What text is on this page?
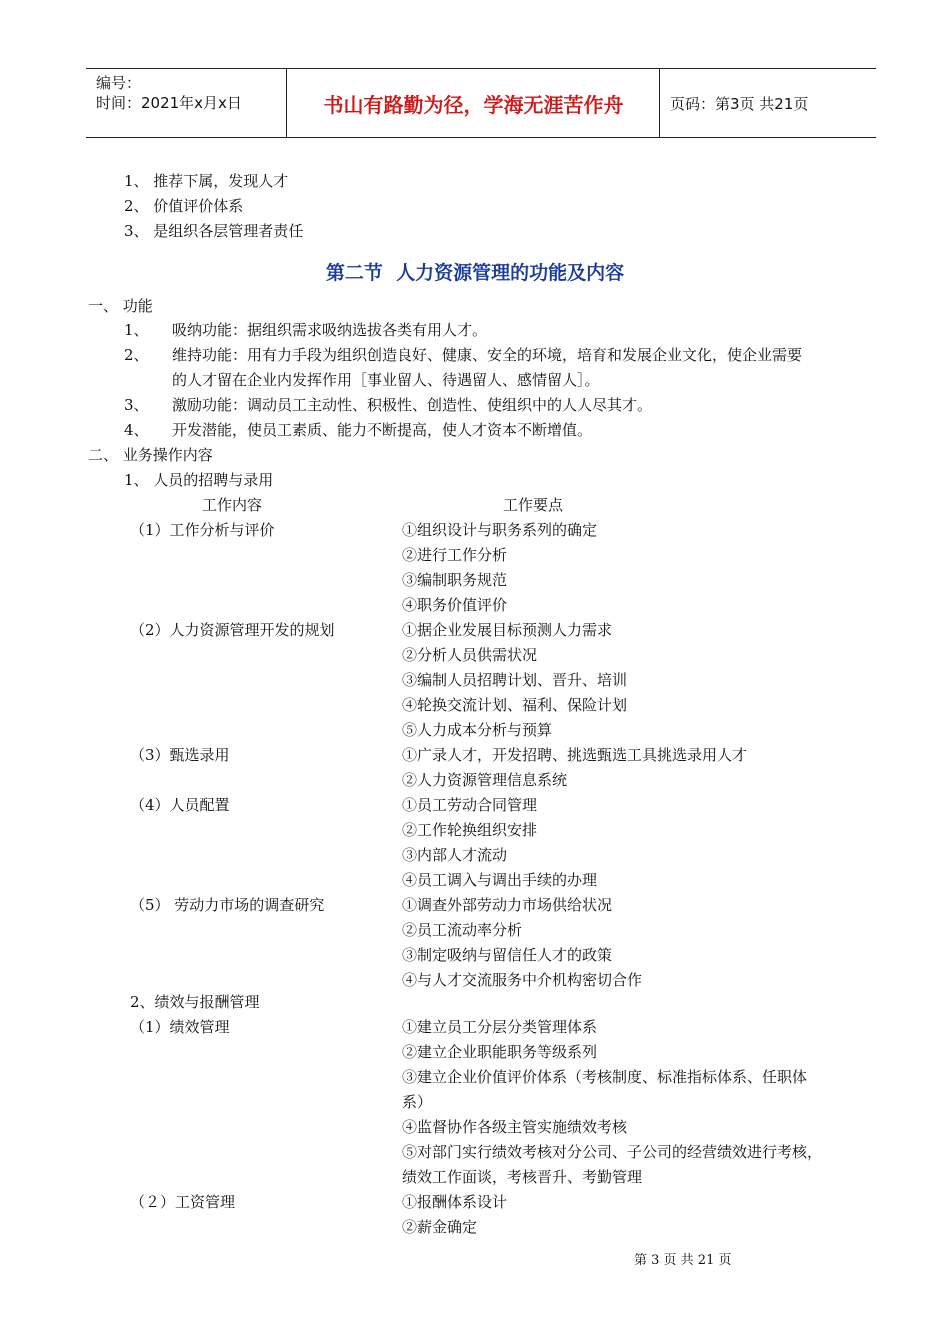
编号：
时间：2021年x月x日	书山有路勤为径，学海无涯苦作舟	页码：第3页 共21页
1、 推荐下属，发现人才
2、 价值评价体系
3、 是组织各层管理者责任
第二节  人力资源管理的功能及内容
一、 功能
1、 吸纳功能：据组织需求吸纳选拔各类有用人才。
2、 维持功能：用有力手段为组织创造良好、健康、安全的环境，培育和发展企业文化，使企业需要
的人才留在企业内发挥作用［事业留人、待遇留人、感情留人］。
3、 激励功能：调动员工主动性、积极性、创造性、使组织中的人人尽其才。
4、 开发潜能，使员工素质、能力不断提高，使人才资本不断增值。
二、 业务操作内容
1、 人员的招聘与录用
工作内容	工作要点
（1）工作分析与评价	①组织设计与职务系列的确定
②进行工作分析
③编制职务规范
④职务价值评价
（2）人力资源管理开发的规划	①据企业发展目标预测人力需求
②分析人员供需状况
③编制人员招聘计划、晋升、培训
④轮换交流计划、福利、保险计划
⑤人力成本分析与预算
（3）甄选录用	①广录人才，开发招聘、挑选甄选工具挑选录用人才
②人力资源管理信息系统
（4）人员配置	①员工劳动合同管理
②工作轮换组织安排
③内部人才流动
④员工调入与调出手续的办理
（5） 劳动力市场的调查研究	①调查外部劳动力市场供给状况
②员工流动率分析
③制定吸纳与留信任人才的政策
④与人才交流服务中介机构密切合作
2、绩效与报酬管理
（1）绩效管理	①建立员工分层分类管理体系
②建立企业职能职务等级系列
③建立企业价值评价体系（考核制度、标准指标体系、任职体
系）
④监督协作各级主管实施绩效考核
⑤对部门实行绩效考核对分公司、子公司的经营绩效进行考核，
绩效工作面谈，考核晋升、考勤管理
（２）工资管理	①报酬体系设计
②薪金确定
第 3 页 共 21 页
